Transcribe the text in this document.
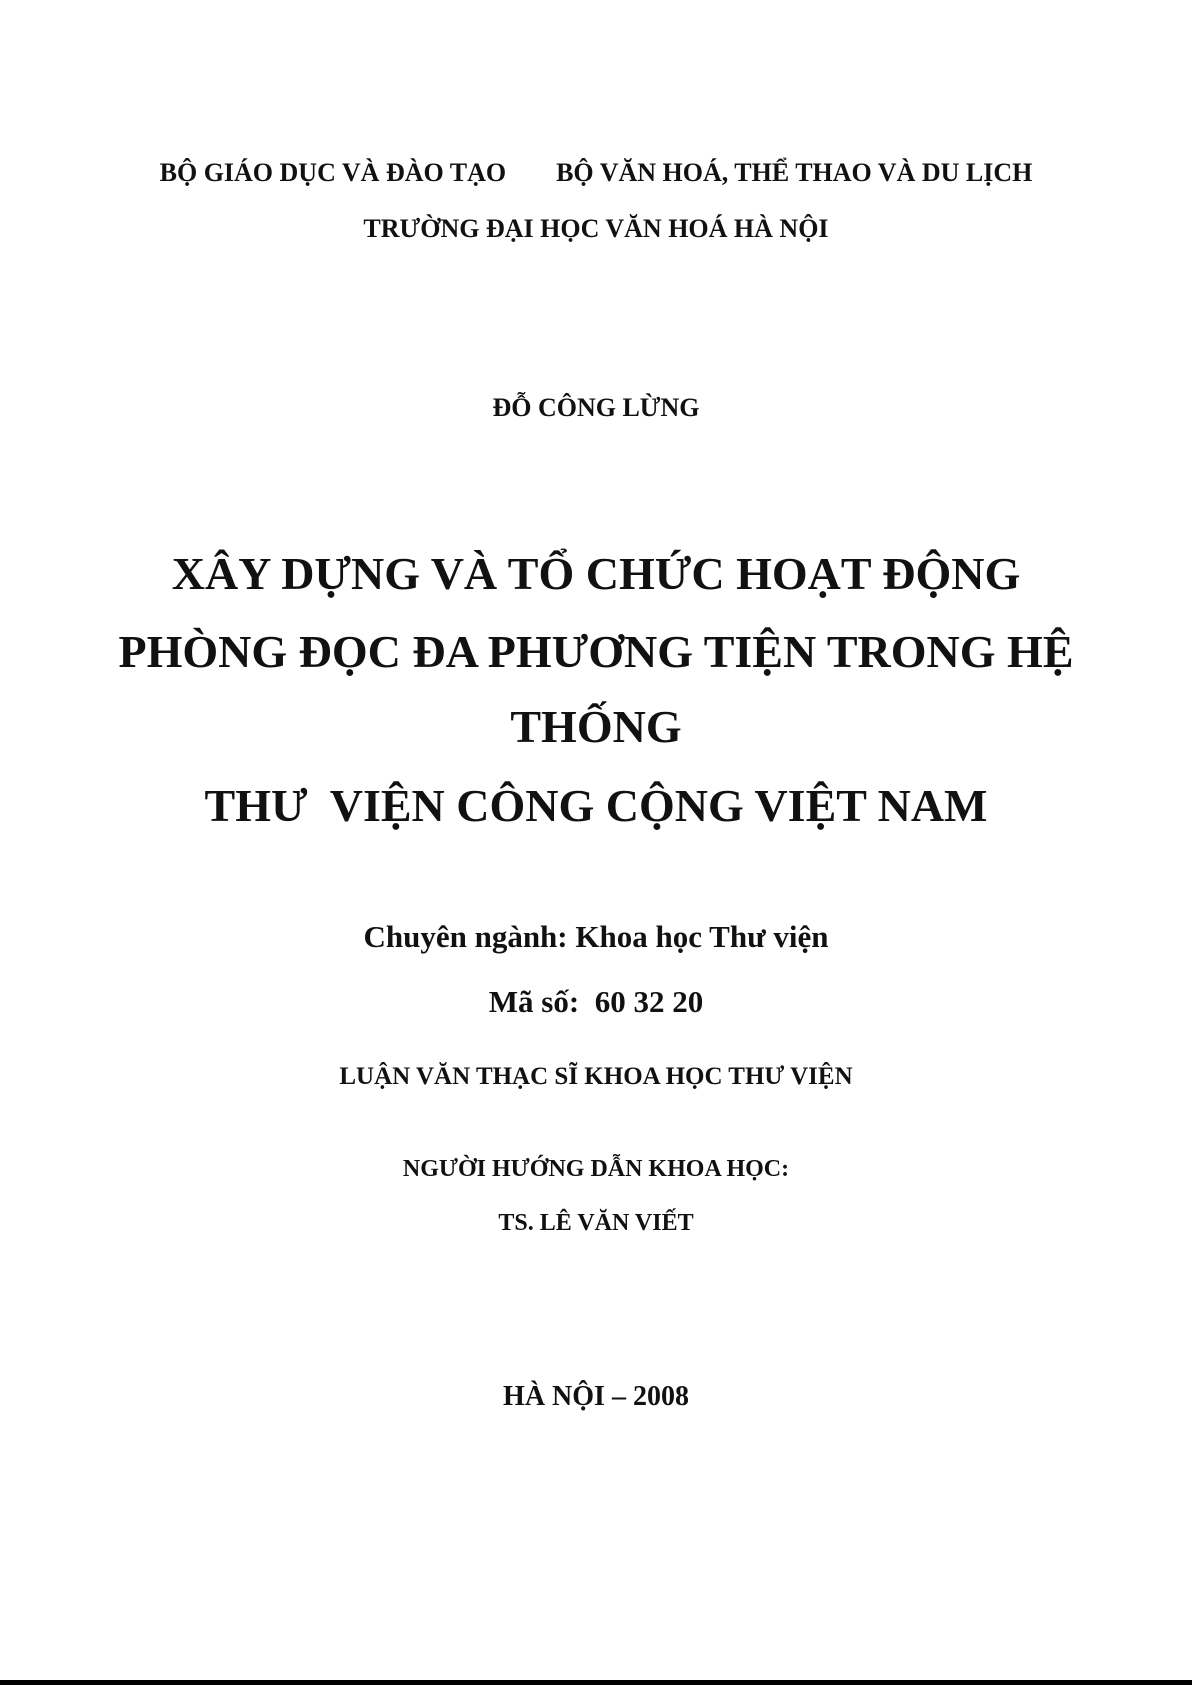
BỘ GIÁO DỤC VÀ ĐÀO TẠO BỘ VĂN HOÁ, THỂ THAO VÀ DU LỊCH
TRƯỜNG ĐẠI HỌC VĂN HOÁ HÀ NỘI
ĐỖ CÔNG LỪNG
XÂY DỰNG VÀ TỔ CHỨC HOẠT ĐỘNG
PHÒNG ĐỌC ĐA PHƯƠNG TIỆN TRONG HỆ
THỐNG
THƯ  VIỆN CÔNG CỘNG VIỆT NAM
Chuyên ngành: Khoa học Thư viện
Mã số:  60 32 20
LUẬN VĂN THẠC SĨ KHOA HỌC THƯ VIỆN
NGƯỜI HƯỚNG DẪN KHOA HỌC:
TS. LÊ VĂN VIẾT
HÀ NỘI – 2008
